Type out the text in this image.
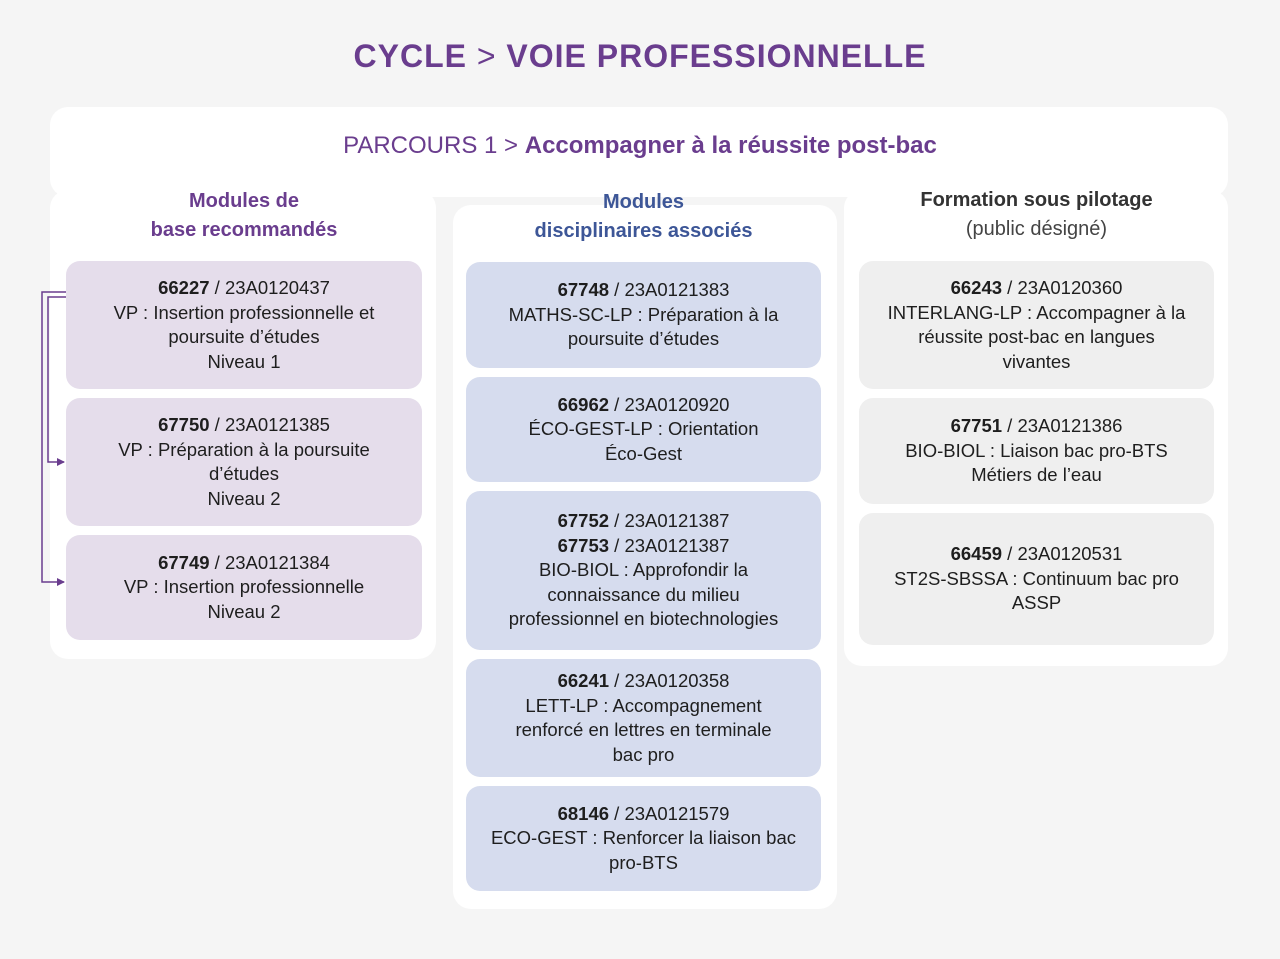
CYCLE > VOIE PROFESSIONNELLE
PARCOURS 1 > Accompagner à la réussite post-bac
Modules de
base recommandés
Modules
disciplinaires associés
Formation sous pilotage
(public désigné)
66227 / 23A0120437
VP : Insertion professionnelle et
poursuite d’études
Niveau 1
67750 / 23A0121385
VP : Préparation à la poursuite
d’études
Niveau 2
67749 / 23A0121384
VP : Insertion professionnelle
Niveau 2
67748 / 23A0121383
MATHS-SC-LP : Préparation à la
poursuite d’études
66962 / 23A0120920
ÉCO-GEST-LP : Orientation
Éco-Gest
67752 / 23A0121387
67753 / 23A0121387
BIO-BIOL : Approfondir la
connaissance du milieu
professionnel en biotechnologies
66241 / 23A0120358
LETT-LP : Accompagnement
renforcé en lettres en terminale
bac pro
68146 / 23A0121579
ECO-GEST : Renforcer la liaison bac
pro-BTS
66243 / 23A0120360
INTERLANG-LP : Accompagner à la
réussite post-bac en langues
vivantes
67751 / 23A0121386
BIO-BIOL : Liaison bac pro-BTS
Métiers de l’eau
66459 / 23A0120531
ST2S-SBSSA : Continuum bac pro
ASSP
